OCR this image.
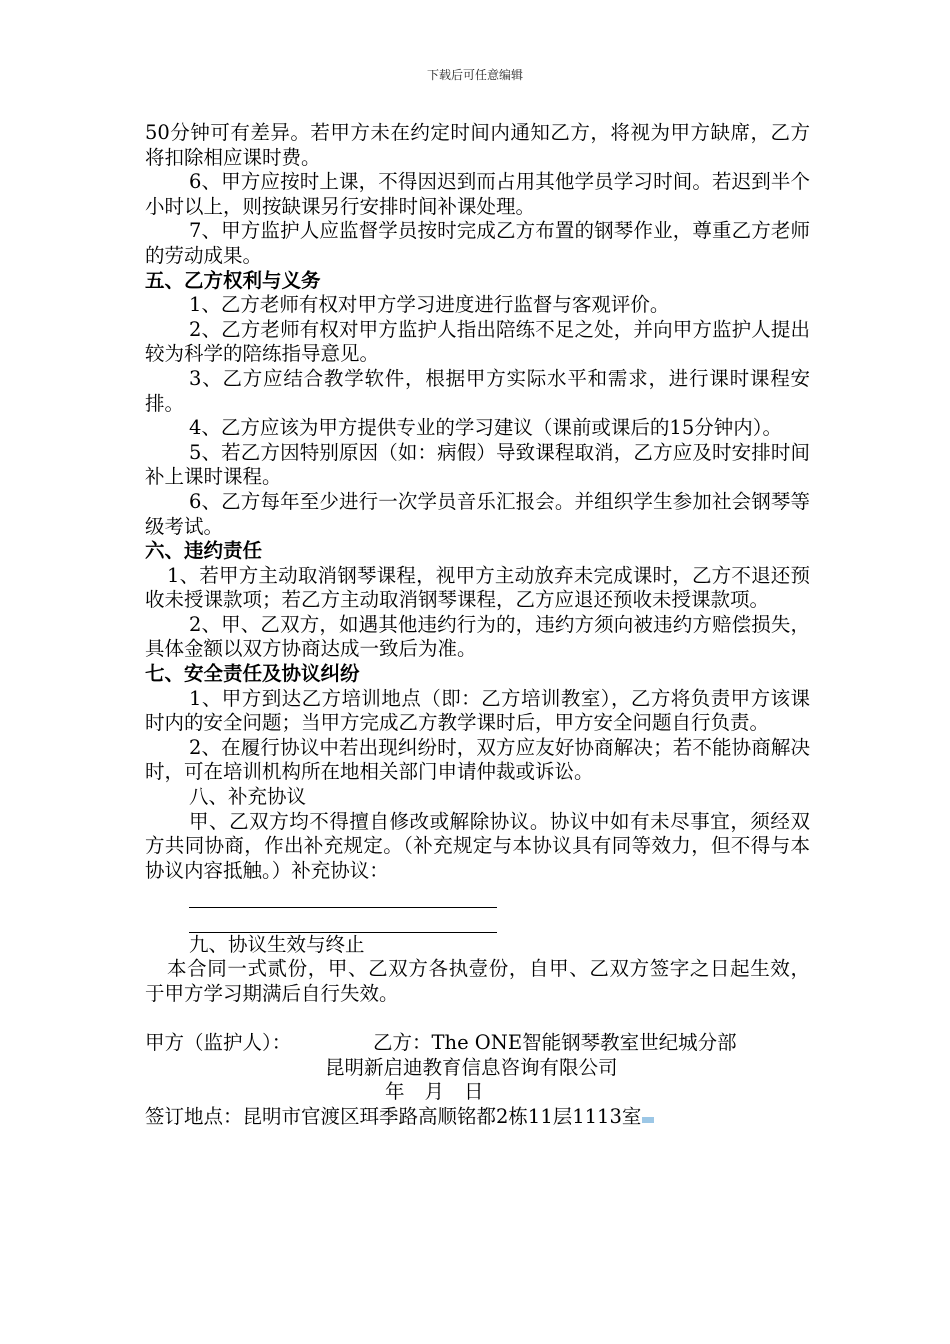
下载后可任意编辑

50分钟可有差异。若甲方未在约定时间内通知乙方，将视为甲方缺席，乙方将扣除相应课时费。

6、甲方应按时上课，不得因迟到而占用其他学员学习时间。若迟到半个小时以上，则按缺课另行安排时间补课处理。

7、甲方监护人应监督学员按时完成乙方布置的钢琴作业，尊重乙方老师的劳动成果。

五、乙方权利与义务

1、乙方老师有权对甲方学习进度进行监督与客观评价。

2、乙方老师有权对甲方监护人指出陪练不足之处，并向甲方监护人提出较为科学的陪练指导意见。

3、乙方应结合教学软件，根据甲方实际水平和需求，进行课时课程安排。

4、乙方应该为甲方提供专业的学习建议（课前或课后的15分钟内）。

5、若乙方因特别原因（如：病假）导致课程取消，乙方应及时安排时间补上课时课程。

6、乙方每年至少进行一次学员音乐汇报会。并组织学生参加社会钢琴等级考试。

六、违约责任

1、若甲方主动取消钢琴课程，视甲方主动放弃未完成课时，乙方不退还预收未授课款项；若乙方主动取消钢琴课程，乙方应退还预收未授课款项。

2、甲、乙双方，如遇其他违约行为的，违约方须向被违约方赔偿损失，具体金额以双方协商达成一致后为准。

七、安全责任及协议纠纷

1、甲方到达乙方培训地点（即：乙方培训教室），乙方将负责甲方该课时内的安全问题；当甲方完成乙方教学课时后，甲方安全问题自行负责。

2、在履行协议中若出现纠纷时，双方应友好协商解决；若不能协商解决时，可在培训机构所在地相关部门申请仲裁或诉讼。

八、补充协议

甲、乙双方均不得擅自修改或解除协议。协议中如有未尽事宜，须经双方共同协商，作出补充规定。（补充规定与本协议具有同等效力，但不得与本协议内容抵触。）补充协议：

九、协议生效与终止

本合同一式贰份，甲、乙双方各执壹份，自甲、乙双方签字之日起生效，于甲方学习期满后自行失效。

甲方（监护人）：	乙方：The ONE智能钢琴教室世纪城分部

昆明新启迪教育信息咨询有限公司

年 月 日

签订地点：昆明市官渡区珥季路高顺铭都2栋11层1113室
